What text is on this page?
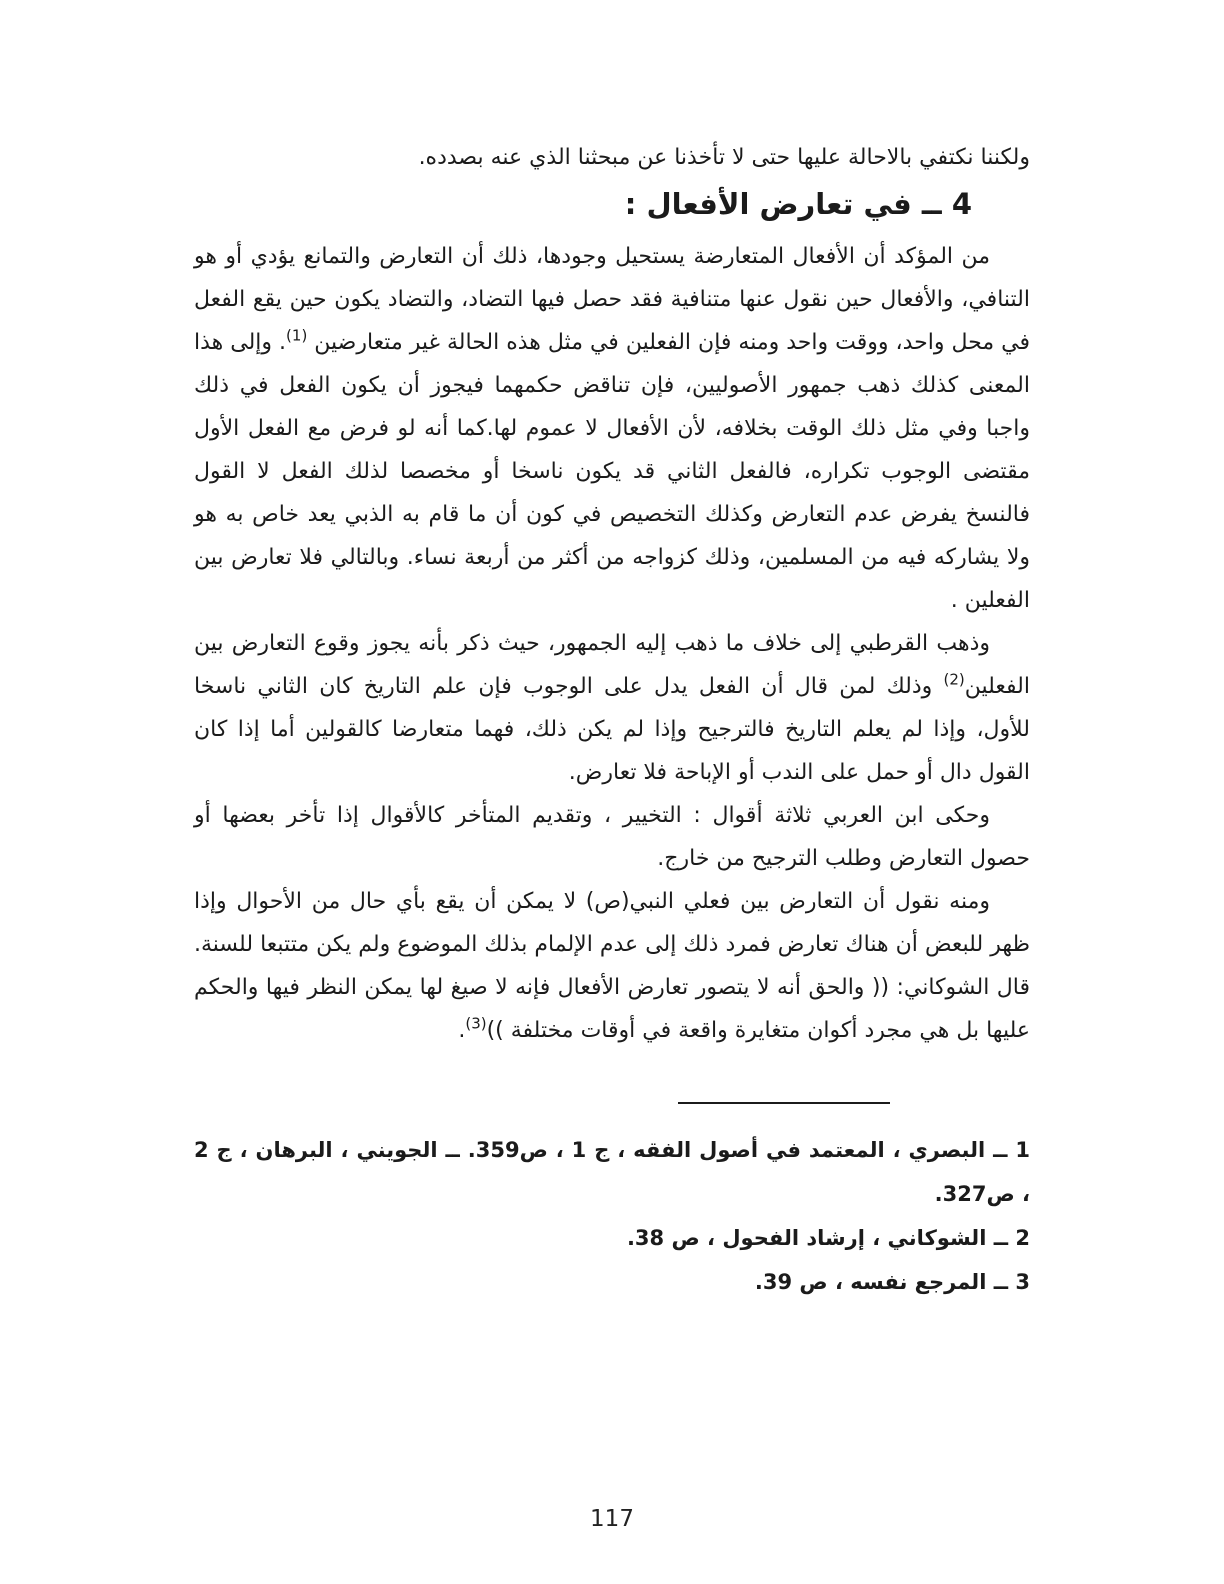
ولكننا نكتفي بالاحالة عليها حتى لا تأخذنا عن مبحثنا الذي عنه بصدده.

4 ــ في تعارض الأفعال :

من المؤكد أن الأفعال المتعارضة يستحيل وجودها، ذلك أن التعارض والتمانع يؤدي أو هو التنافي، والأفعال حين نقول عنها متنافية فقد حصل فيها التضاد، والتضاد يكون حين يقع الفعل في محل واحد، ووقت واحد ومنه فإن الفعلين في مثل هذه الحالة غير متعارضين $^{(1)}$. وإلى هذا المعنى كذلك ذهب جمهور الأصوليين، فإن تناقض حكمهما فيجوز أن يكون الفعل في ذلك واجبا وفي مثل ذلك الوقت بخلافه، لأن الأفعال لا عموم لها.كما أنه لو فرض مع الفعل الأول مقتضى الوجوب تكراره، فالفعل الثاني قد يكون ناسخا أو مخصصا لذلك الفعل لا القول فالنسخ يفرض عدم التعارض وكذلك التخصيص في كون أن ما قام به الذبي يعد خاص به هو ولا يشاركه فيه من المسلمين، وذلك كزواجه من أكثر من أربعة نساء. وبالتالي فلا تعارض بين الفعلين .

وذهب القرطبي إلى خلاف ما ذهب إليه الجمهور، حيث ذكر بأنه يجوز وقوع التعارض بين الفعلين$^{(2)}$ وذلك لمن قال أن الفعل يدل على الوجوب فإن علم التاريخ كان الثاني ناسخا للأول، وإذا لم يعلم التاريخ فالترجيح وإذا لم يكن ذلك، فهما متعارضا كالقولين أما إذا كان القول دال أو حمل على الندب أو الإباحة فلا تعارض.

وحكى ابن العربي ثلاثة أقوال : التخيير ، وتقديم المتأخر كالأقوال إذا تأخر بعضها أو حصول التعارض وطلب الترجيح من خارج.

ومنه نقول أن التعارض بين فعلي النبي(ص) لا يمكن أن يقع بأي حال من الأحوال وإذا ظهر للبعض أن هناك تعارض فمرد ذلك إلى عدم الإلمام بذلك الموضوع ولم يكن متتبعا للسنة. قال الشوكاني: (( والحق أنه لا يتصور تعارض الأفعال فإنه لا صيغ لها يمكن النظر فيها والحكم عليها بل هي مجرد أكوان متغايرة واقعة في أوقات مختلفة ))$^{(3)}$.

1 ــ البصري ، المعتمد في أصول الفقه ، ج 1 ، ص359. ــ الجويني ، البرهان ، ج 2 ، ص327.

2 ــ الشوكاني ، إرشاد الفحول ، ص 38.

3 ــ المرجع نفسه ، ص 39.

117
